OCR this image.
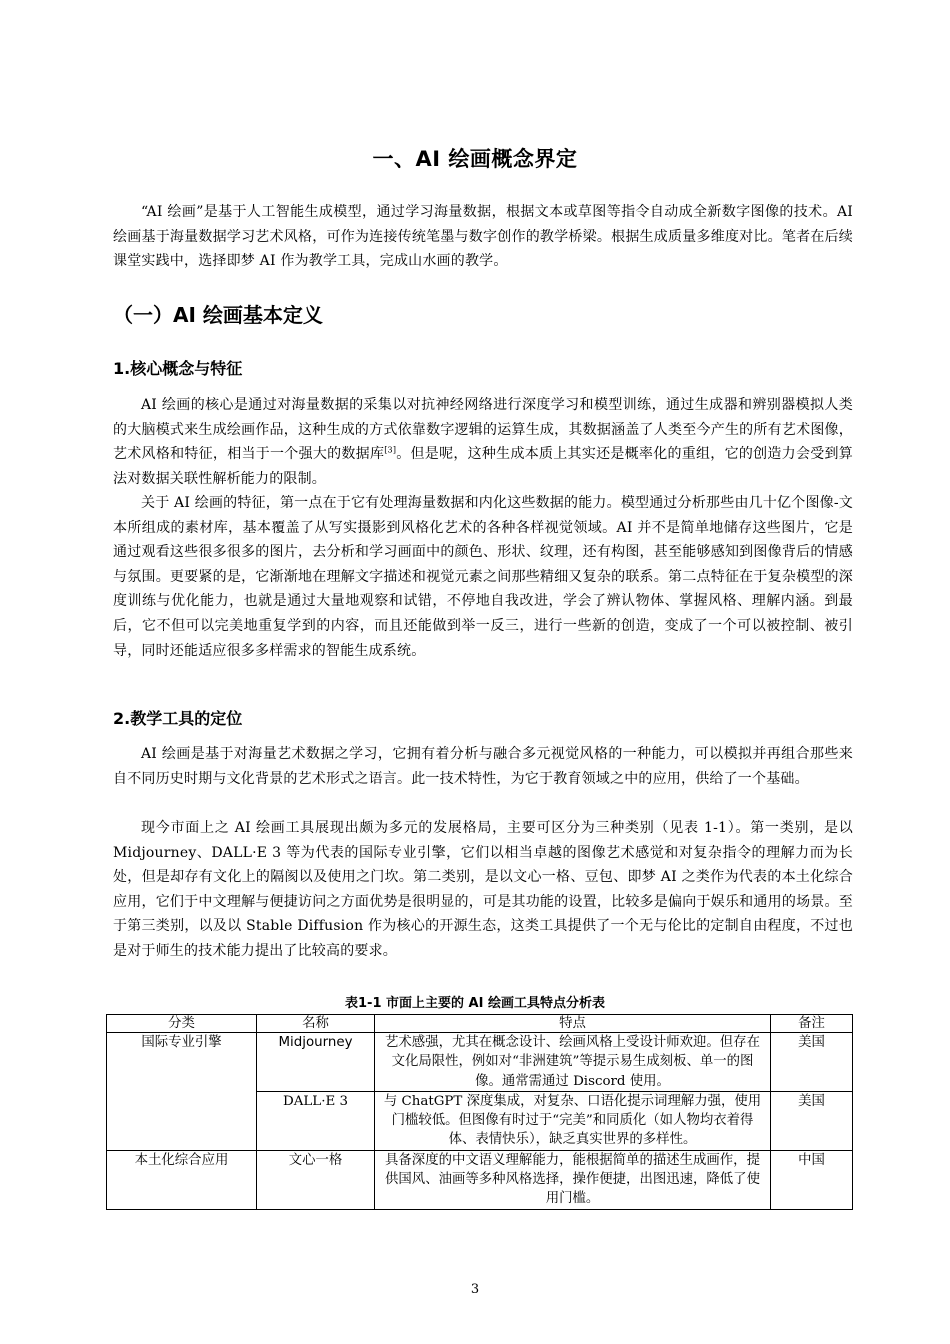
一、AI 绘画概念界定

“AI 绘画”是基于人工智能生成模型，通过学习海量数据，根据文本或草图等指令自动成全新数字图像的技术。AI 绘画基于海量数据学习艺术风格，可作为连接传统笔墨与数字创作的教学桥梁。根据生成质量多维度对比。笔者在后续课堂实践中，选择即梦 AI 作为教学工具，完成山水画的教学。

（一）AI 绘画基本定义
1.核心概念与特征

AI 绘画的核心是通过对海量数据的采集以对抗神经网络进行深度学习和模型训练，通过生成器和辨别器模拟人类的大脑模式来生成绘画作品，这种生成的方式依靠数字逻辑的运算生成，其数据涵盖了人类至今产生的所有艺术图像，艺术风格和特征，相当于一个强大的数据库[3]。但是呢，这种生成本质上其实还是概率化的重组，它的创造力会受到算法对数据关联性解析能力的限制。

关于 AI 绘画的特征，第一点在于它有处理海量数据和内化这些数据的能力。模型通过分析那些由几十亿个图像-文本所组成的素材库，基本覆盖了从写实摄影到风格化艺术的各种各样视觉领域。AI 并不是简单地储存这些图片，它是通过观看这些很多很多的图片，去分析和学习画面中的颜色、形状、纹理，还有构图，甚至能够感知到图像背后的情感与氛围。更要紧的是，它渐渐地在理解文字描述和视觉元素之间那些精细又复杂的联系。第二点特征在于复杂模型的深度训练与优化能力，也就是通过大量地观察和试错，不停地自我改进，学会了辨认物体、掌握风格、理解内涵。到最后，它不但可以完美地重复学到的内容，而且还能做到举一反三，进行一些新的创造，变成了一个可以被控制、被引导，同时还能适应很多多样需求的智能生成系统。

2.教学工具的定位

AI 绘画是基于对海量艺术数据之学习，它拥有着分析与融合多元视觉风格的一种能力，可以模拟并再组合那些来自不同历史时期与文化背景的艺术形式之语言。此一技术特性，为它于教育领域之中的应用，供给了一个基础。

现今市面上之 AI 绘画工具展现出颇为多元的发展格局，主要可区分为三种类别（见表 1-1）。第一类别，是以 Midjourney、DALL·E 3 等为代表的国际专业引擎，它们以相当卓越的图像艺术感觉和对复杂指令的理解力而为长处，但是却存有文化上的隔阂以及使用之门坎。第二类别，是以文心一格、豆包、即梦 AI 之类作为代表的本土化综合应用，它们于中文理解与便捷访问之方面优势是很明显的，可是其功能的设置，比较多是偏向于娱乐和通用的场景。至于第三类别，以及以 Stable Diffusion 作为核心的开源生态，这类工具提供了一个无与伦比的定制自由程度，不过也是对于师生的技术能力提出了比较高的要求。

表1-1 市面上主要的 AI 绘画工具特点分析表
分类	名称	特点	备注
国际专业引擎	Midjourney	艺术感强，尤其在概念设计、绘画风格上受设计师欢迎。但存在文化局限性，例如对“非洲建筑”等提示易生成刻板、单一的图像。通常需通过 Discord 使用。	美国
	DALL·E 3	与 ChatGPT 深度集成，对复杂、口语化提示词理解力强，使用门槛较低。但图像有时过于“完美”和同质化（如人物均衣着得体、表情快乐），缺乏真实世界的多样性。	美国
本土化综合应用	文心一格	具备深度的中文语义理解能力，能根据简单的描述生成画作，提供国风、油画等多种风格选择，操作便捷，出图迅速，降低了使用门槛。	中国
3
